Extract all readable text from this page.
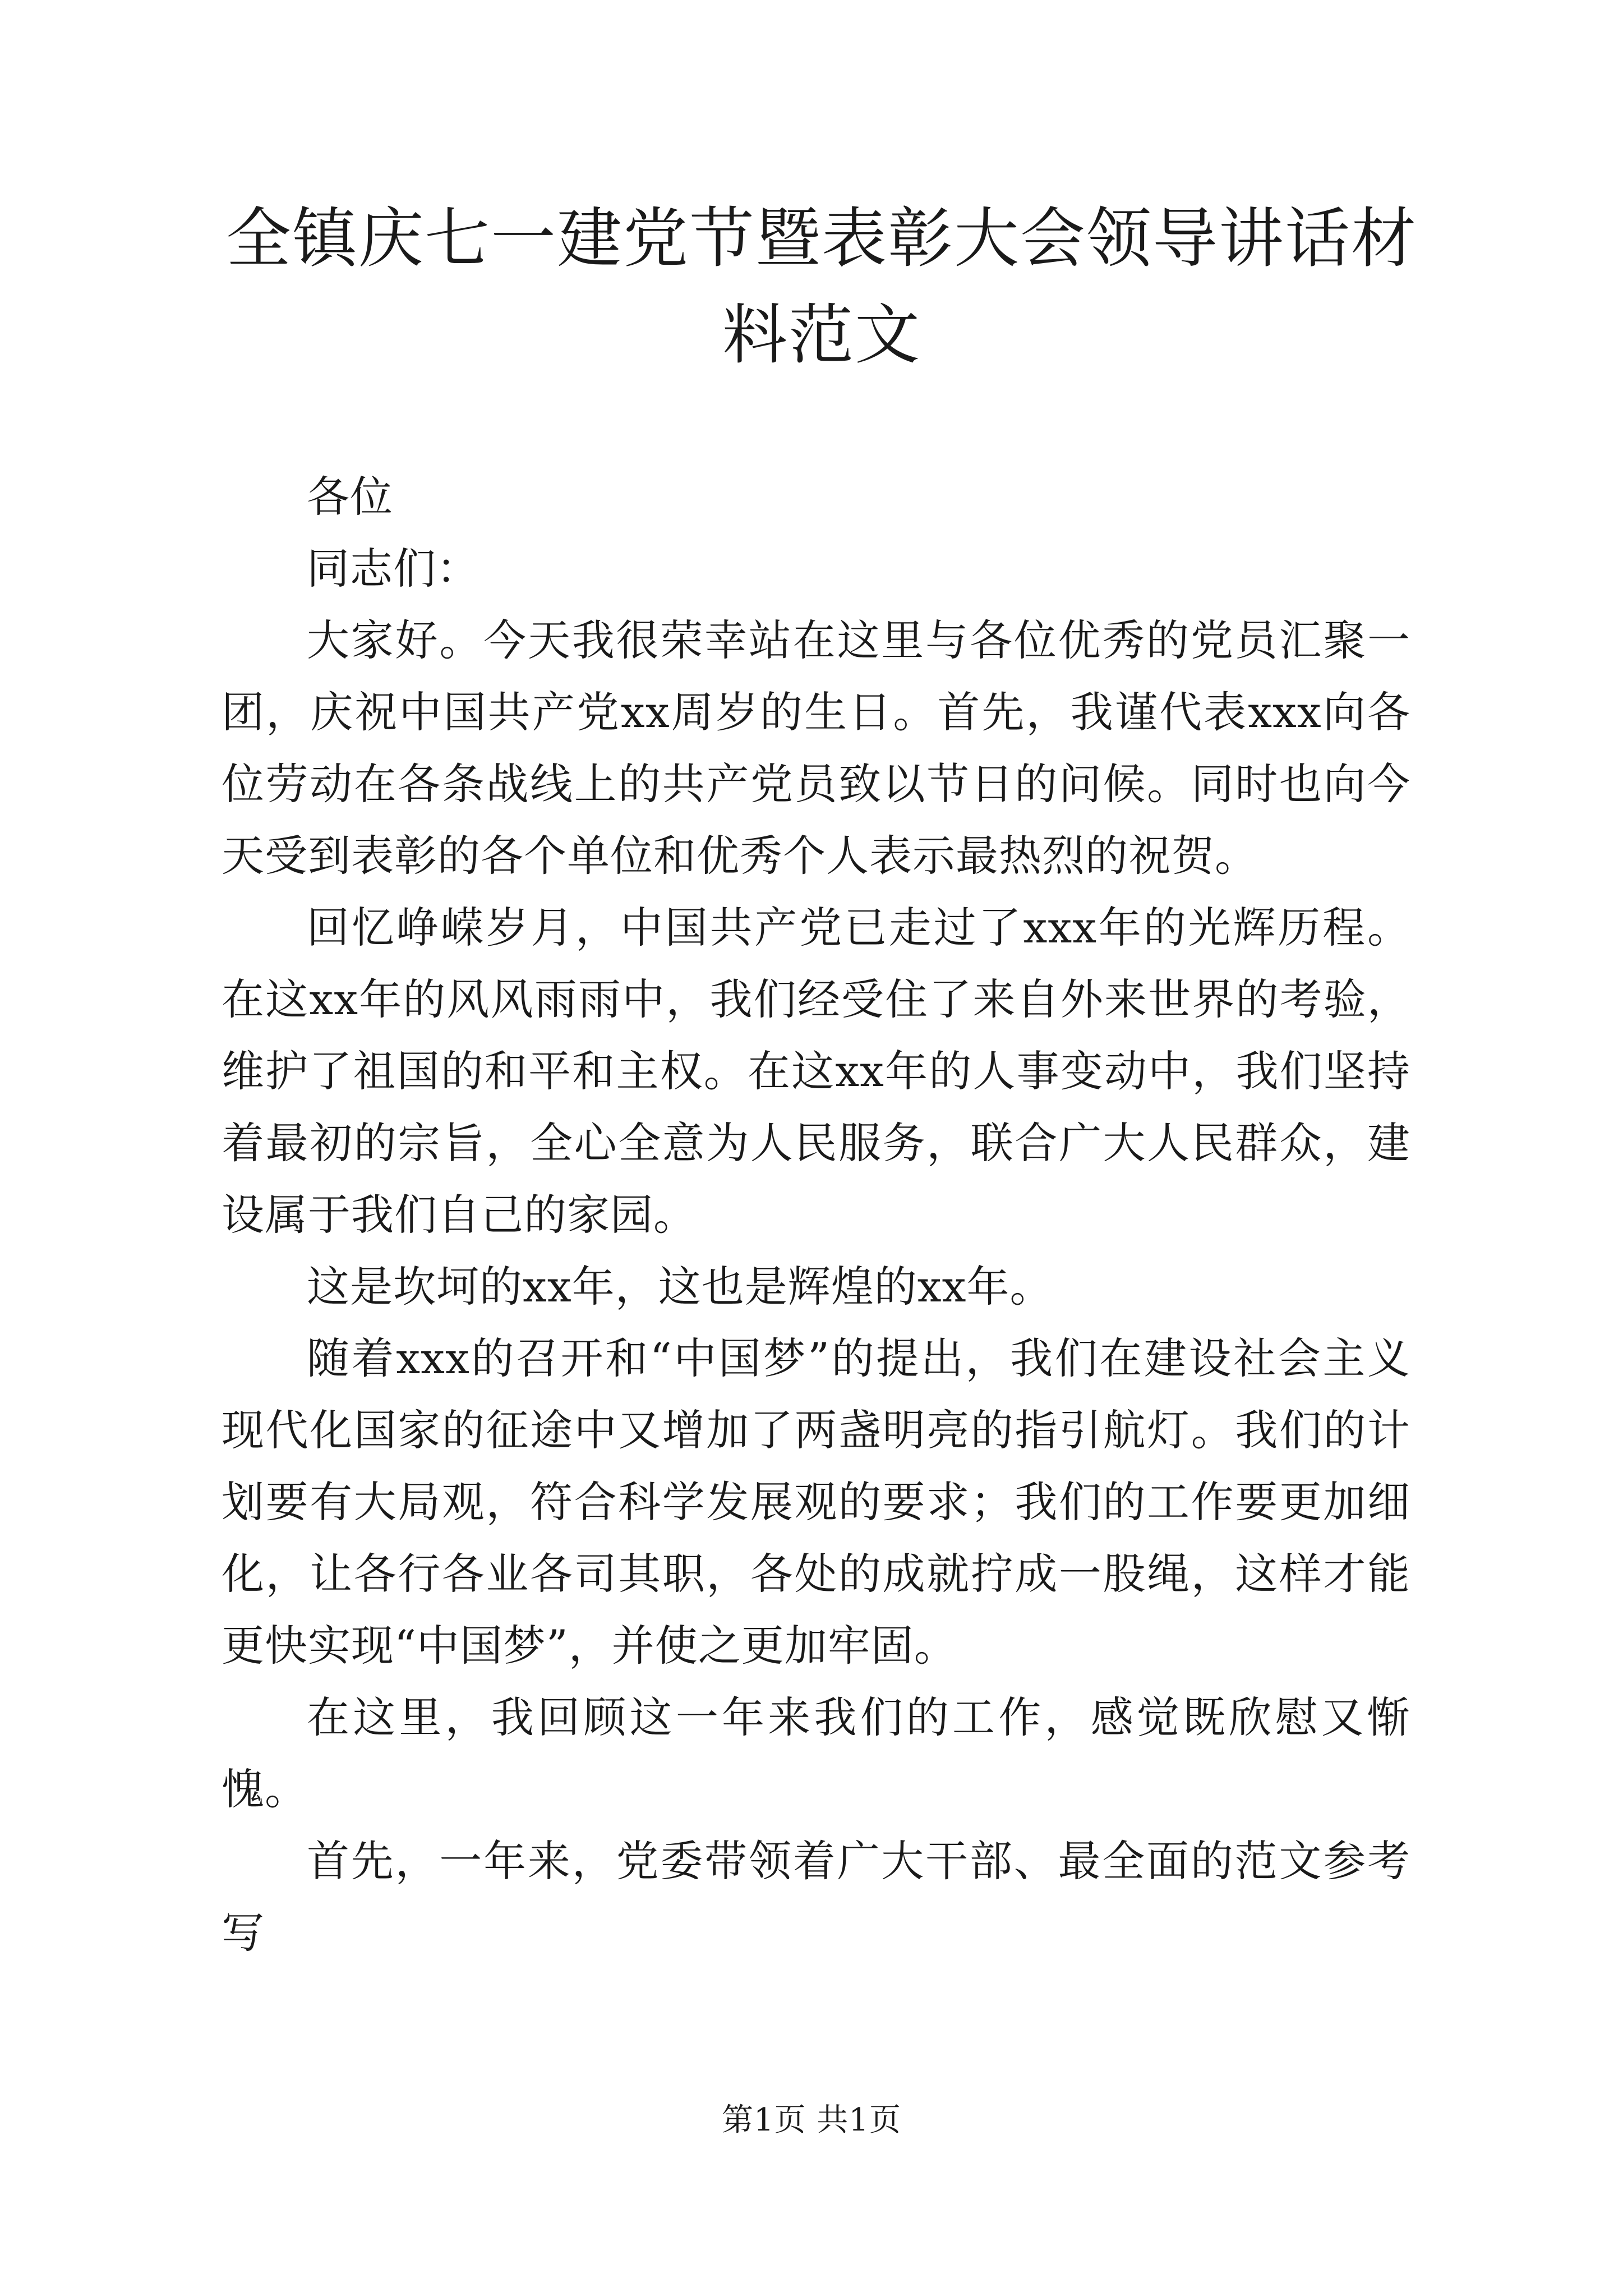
全镇庆七一建党节暨表彰大会领导讲话材料范文

各位

同志们：

大家好。今天我很荣幸站在这里与各位优秀的党员汇聚一团，庆祝中国共产党xx周岁的生日。首先，我谨代表xxx向各位劳动在各条战线上的共产党员致以节日的问候。同时也向今天受到表彰的各个单位和优秀个人表示最热烈的祝贺。

回忆峥嵘岁月，中国共产党已走过了xxx年的光辉历程。在这xx年的风风雨雨中，我们经受住了来自外来世界的考验，维护了祖国的和平和主权。在这xx年的人事变动中，我们坚持着最初的宗旨，全心全意为人民服务，联合广大人民群众，建设属于我们自己的家园。

这是坎坷的xx年，这也是辉煌的xx年。

随着xxx的召开和“中国梦”的提出，我们在建设社会主义现代化国家的征途中又增加了两盏明亮的指引航灯。我们的计划要有大局观，符合科学发展观的要求；我们的工作要更加细化，让各行各业各司其职，各处的成就拧成一股绳，这样才能更快实现“中国梦”，并使之更加牢固。

在这里，我回顾这一年来我们的工作，感觉既欣慰又惭愧。

首先，一年来，党委带领着广大干部、最全面的范文参考写

第1页 共1页
